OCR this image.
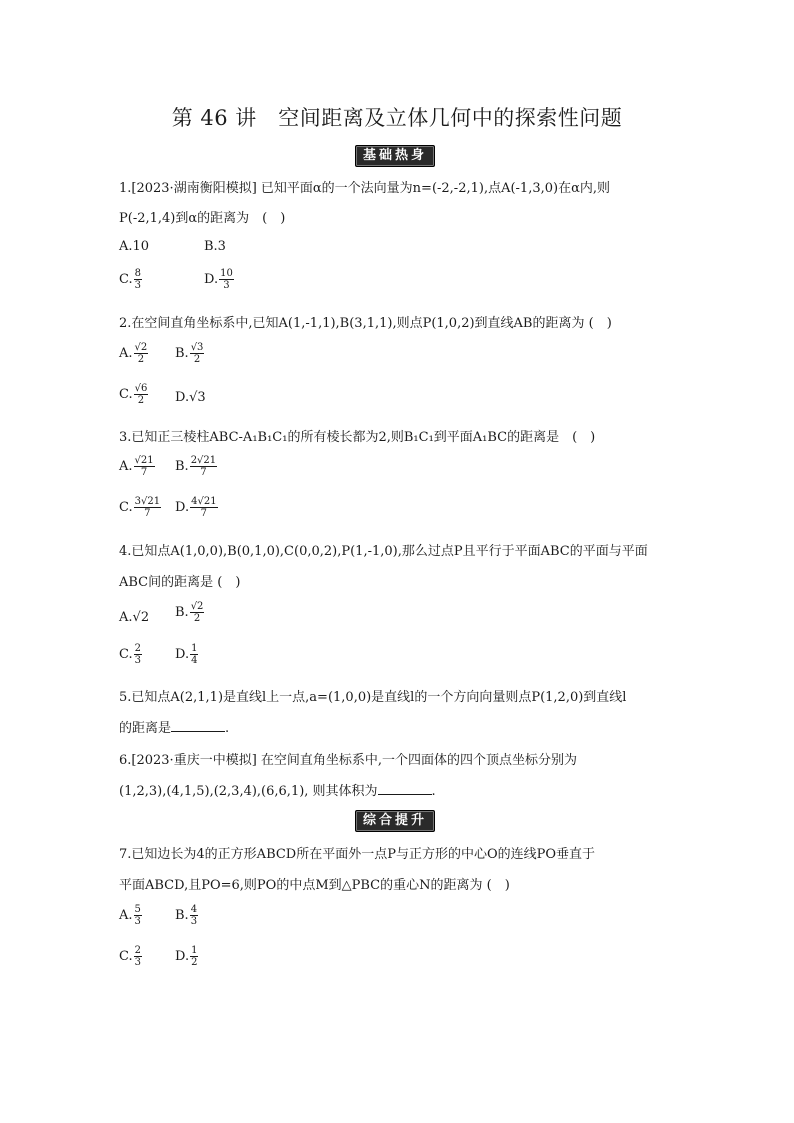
第 46 讲　空间距离及立体几何中的探索性问题
基础热身
1.[2023·湖南衡阳模拟] 已知平面α的一个法向量为n=(-2,-2,1),点A(-1,3,0)在α内,则
P(-2,1,4)到α的距离为　(　)
A.10	B.3
C. $\frac{8}{3}$	D. $\frac{10}{3}$
2.在空间直角坐标系中,已知A(1,-1,1),B(3,1,1),则点P(1,0,2)到直线AB的距离为 (　)
A. $\frac{√2}{2} B$. $\frac{√3}{2}$
C. $\frac{√6}{2} D.√3$
3.已知正三棱柱ABC-A₁B₁C₁的所有棱长都为2,则B₁C₁到平面A₁BC的距离是　(　)
A. $\frac{√21}{7} B$. $\frac{2√21}{7}$
C. $\frac{3√21}{7} D$. $\frac{4√21}{7}$
4.已知点A(1,0,0),B(0,1,0),C(0,0,2),P(1,-1,0),那么过点P且平行于平面ABC的平面与平面
ABC间的距离是 (　)
A.√2 B. $\frac{√2}{2}$
C. $\frac{2}{3}$	D. $\frac{1}{4}$
5.已知点A(2,1,1)是直线l上一点,a=(1,0,0)是直线l的一个方向向量则点P(1,2,0)到直线l
的距离是	.
6.[2023·重庆一中模拟] 在空间直角坐标系中,一个四面体的四个顶点坐标分别为
(1,2,3),(4,1,5),(2,3,4),(6,6,1), 则其体积为	.
综合提升
7.已知边长为4的正方形ABCD所在平面外一点P与正方形的中心O的连线PO垂直于
平面ABCD,且PO=6,则PO的中点M到△PBC的重心N的距离为 (　)
A. $\frac{5}{3}$	B. $\frac{4}{3}$
C. $\frac{2}{3}$	D. $\frac{1}{2}$
